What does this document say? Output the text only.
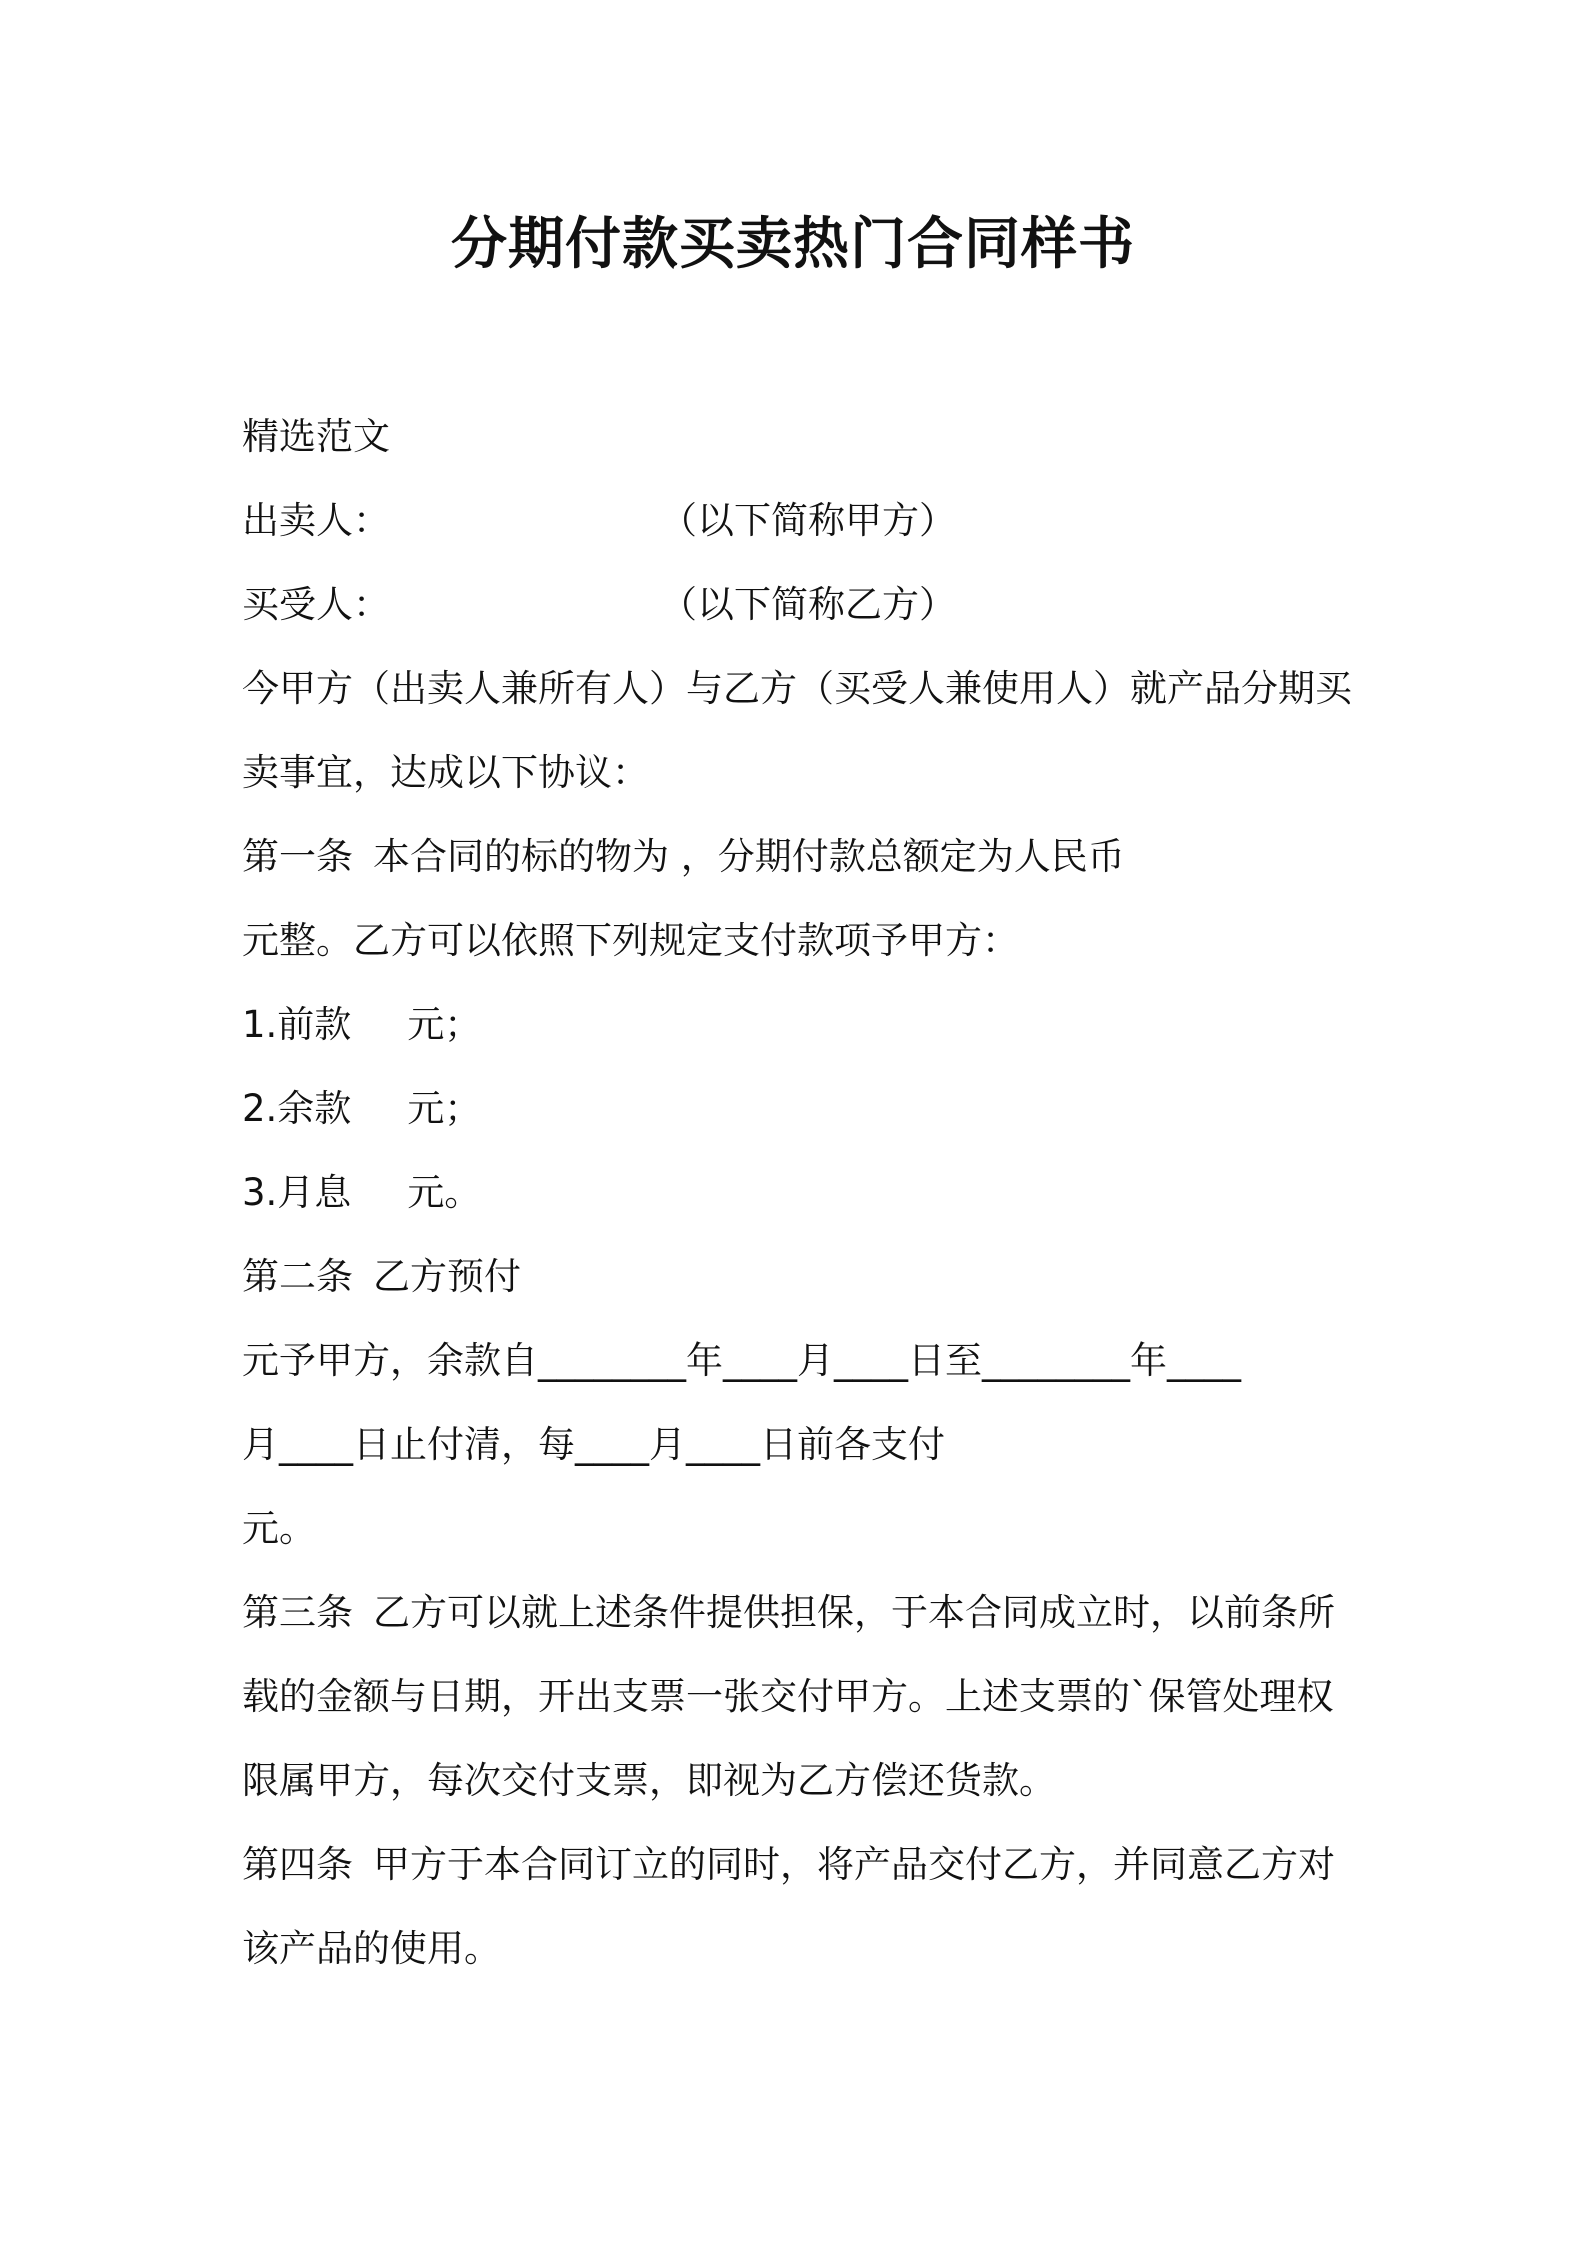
分期付款买卖热门合同样书
精选范文
出卖人：	（以下简称甲方）
买受人：	（以下简称乙方）
今甲方（出卖人兼所有人）与乙方（买受人兼使用人）就产品分期买
卖事宜，达成以下协议：
第一条 本合同的标的物为 ，分期付款总额定为人民币
元整。乙方可以依照下列规定支付款项予甲方：
1.前款 元；
2.余款 元；
3.月息 元。
第二条 乙方预付
元予甲方，余款自________年____月____日至________年____
月____日止付清，每____月____日前各支付
元。
第三条 乙方可以就上述条件提供担保，于本合同成立时，以前条所
载的金额与日期，开出支票一张交付甲方。上述支票的`保管处理权
限属甲方，每次交付支票，即视为乙方偿还货款。
第四条 甲方于本合同订立的同时，将产品交付乙方，并同意乙方对
该产品的使用。
